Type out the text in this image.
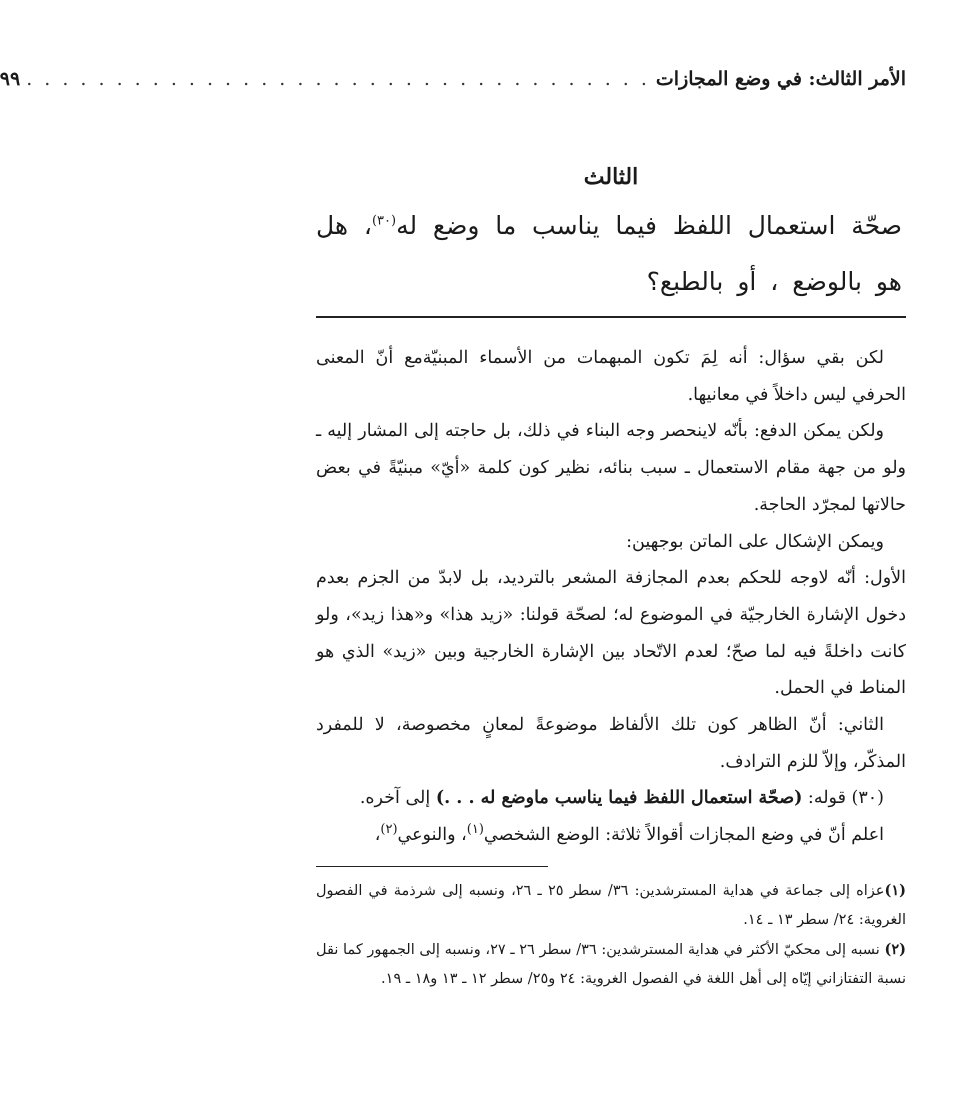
الأمر الثالث: في وضع المجازات
. . . . . . . . . . . . . . . . . . . . . . . . . . . . . . . . . . .
٩٩
الثالث
صحّة استعمال اللفظ فيما يناسب ما وضع له$^{(٣٠)}$، هل هو بالوضع ، أو بالطبع؟

لكن بقي سؤال: أنه لِمَ تكون المبهمات من الأسماء المبنيّةمع أنّ المعنى الحرفي ليس داخلاً في معانيها.

ولكن يمكن الدفع: بأنّه لاينحصر وجه البناء في ذلك، بل حاجته إلى المشار إليه ـ ولو من جهة مقام الاستعمال ـ سبب بنائه، نظير كون كلمة «أيّ» مبنيّةً في بعض حالاتها لمجرّد الحاجة.

ويمكن الإشكال على الماتن بوجهين:

الأول: أنّه لاوجه للحكم بعدم المجازفة المشعر بالترديد، بل لابدّ من الجزم بعدم دخول الإشارة الخارجيّة في الموضوع له؛ لصحّة قولنا: «زيد هذا» و«هذا زيد»، ولو كانت داخلةً فيه لما صحّ؛ لعدم الاتّحاد بين الإشارة الخارجية وبين «زيد» الذي هو المناط في الحمل.

الثاني: أنّ الظاهر كون تلك الألفاظ موضوعةً لمعانٍ مخصوصة، لا للمفرد المذكّر، وإلاّ للزم الترادف.

(٣٠) قوله: (صحّة استعمال اللفظ فيما يناسب ماوضع له . . .) إلى آخره.

اعلم أنّ في وضع المجازات أقوالاً ثلاثة: الوضع الشخصي$^{(١)}$، والنوعي$^{(٢)}$،

(١)عزاه إلى جماعة في هداية المسترشدين: ٣٦/ سطر ٢٥ ـ ٢٦، ونسبه إلى شرذمة في الفصول الغروية: ٢٤/ سطر ١٣ ـ ١٤.

(٢) نسبه إلى محكيّ الأكثر في هداية المسترشدين: ٣٦/ سطر ٢٦ ـ ٢٧، ونسبه إلى الجمهور كما نقل نسبة التفتازاني إيّاه إلى أهل اللغة في الفصول الغروية: ٢٤ و٢٥/ سطر ١٢ ـ ١٣ و١٨ ـ ١٩.
